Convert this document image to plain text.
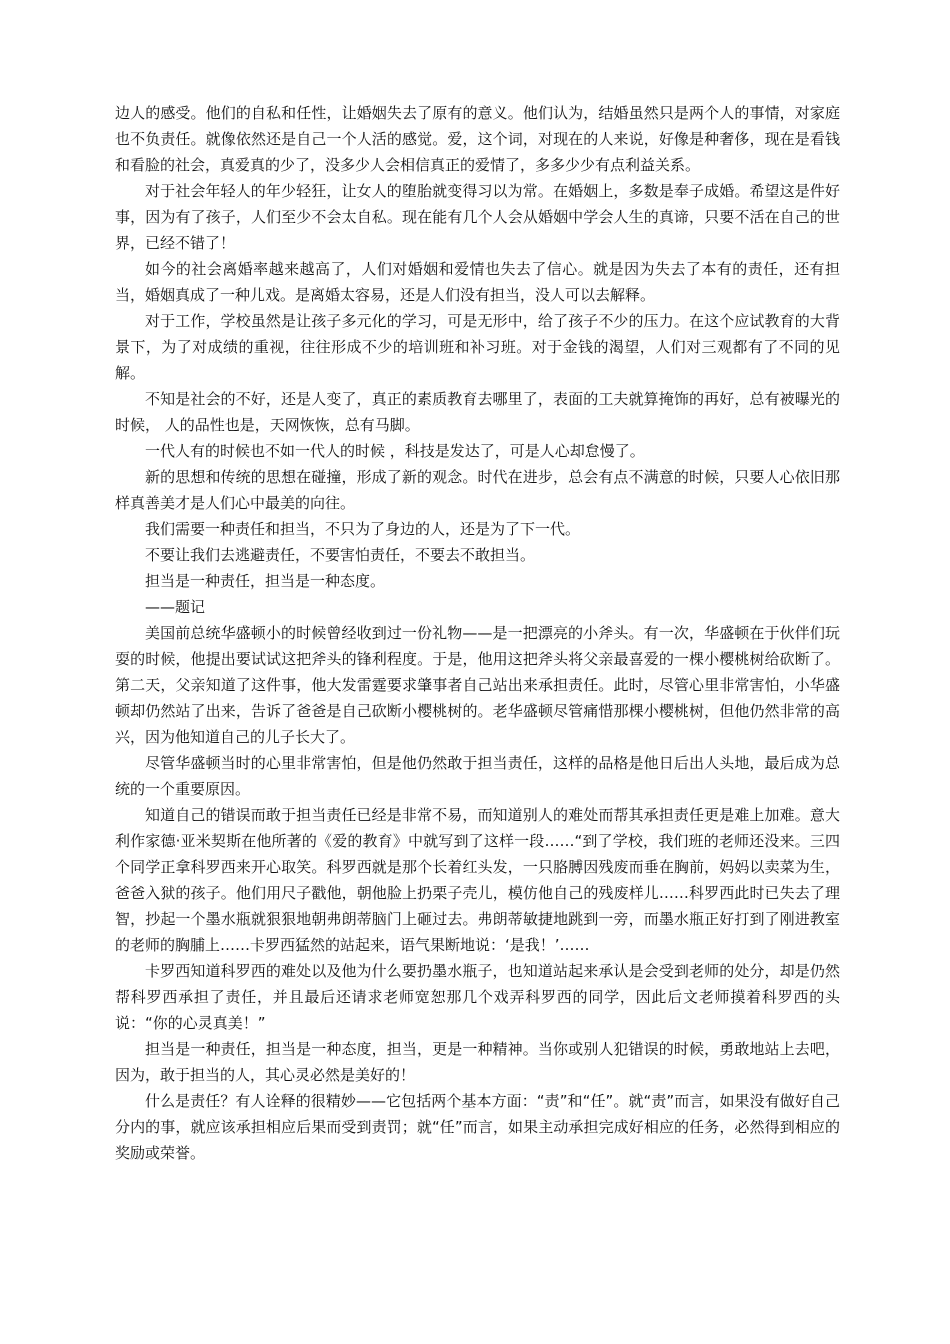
边人的感受。他们的自私和任性，让婚姻失去了原有的意义。他们认为，结婚虽然只是两个人的事情，对家庭也不负责任。就像依然还是自己一个人活的感觉。爱，这个词，对现在的人来说，好像是种奢侈，现在是看钱和看脸的社会，真爱真的少了，没多少人会相信真正的爱情了，多多少少有点利益关系。

对于社会年轻人的年少轻狂，让女人的堕胎就变得习以为常。在婚姻上，多数是奉子成婚。希望这是件好事，因为有了孩子，人们至少不会太自私。现在能有几个人会从婚姻中学会人生的真谛，只要不活在自己的世界，已经不错了！

如今的社会离婚率越来越高了，人们对婚姻和爱情也失去了信心。就是因为失去了本有的责任，还有担当，婚姻真成了一种儿戏。是离婚太容易，还是人们没有担当，没人可以去解释。

对于工作，学校虽然是让孩子多元化的学习，可是无形中，给了孩子不少的压力。在这个应试教育的大背景下，为了对成绩的重视，往往形成不少的培训班和补习班。对于金钱的渴望，人们对三观都有了不同的见解。

不知是社会的不好，还是人变了，真正的素质教育去哪里了，表面的工夫就算掩饰的再好，总有被曝光的时候， 人的品性也是，天网恢恢，总有马脚。

一代人有的时候也不如一代人的时候 ，科技是发达了，可是人心却怠慢了。

新的思想和传统的思想在碰撞，形成了新的观念。时代在进步，总会有点不满意的时候，只要人心依旧那样真善美才是人们心中最美的向往。

我们需要一种责任和担当，不只为了身边的人，还是为了下一代。

不要让我们去逃避责任，不要害怕责任，不要去不敢担当。

担当是一种责任，担当是一种态度。

——题记

美国前总统华盛顿小的时候曾经收到过一份礼物——是一把漂亮的小斧头。有一次，华盛顿在于伙伴们玩耍的时候，他提出要试试这把斧头的锋利程度。于是，他用这把斧头将父亲最喜爱的一棵小樱桃树给砍断了。第二天，父亲知道了这件事，他大发雷霆要求肇事者自己站出来承担责任。此时，尽管心里非常害怕，小华盛顿却仍然站了出来，告诉了爸爸是自己砍断小樱桃树的。老华盛顿尽管痛惜那棵小樱桃树，但他仍然非常的高兴，因为他知道自己的儿子长大了。

尽管华盛顿当时的心里非常害怕，但是他仍然敢于担当责任，这样的品格是他日后出人头地，最后成为总统的一个重要原因。

知道自己的错误而敢于担当责任已经是非常不易，而知道别人的难处而帮其承担责任更是难上加难。意大利作家德·亚米契斯在他所著的《爱的教育》中就写到了这样一段……“到了学校，我们班的老师还没来。三四个同学正拿科罗西来开心取笑。科罗西就是那个长着红头发，一只胳膊因残废而垂在胸前，妈妈以卖菜为生，爸爸入狱的孩子。他们用尺子戳他，朝他脸上扔栗子壳儿，模仿他自己的残废样儿……科罗西此时已失去了理智，抄起一个墨水瓶就狠狠地朝弗朗蒂脑门上砸过去。弗朗蒂敏捷地跳到一旁，而墨水瓶正好打到了刚进教室的老师的胸脯上……卡罗西猛然的站起来，语气果断地说：‘是我！’……

卡罗西知道科罗西的难处以及他为什么要扔墨水瓶子，也知道站起来承认是会受到老师的处分，却是仍然帮科罗西承担了责任，并且最后还请求老师宽恕那几个戏弄科罗西的同学，因此后文老师摸着科罗西的头说：“你的心灵真美！”

担当是一种责任，担当是一种态度，担当，更是一种精神。当你或别人犯错误的时候，勇敢地站上去吧，因为，敢于担当的人，其心灵必然是美好的！

什么是责任？有人诠释的很精妙——它包括两个基本方面：“责”和“任”。就“责”而言，如果没有做好自己分内的事，就应该承担相应后果而受到责罚；就“任”而言，如果主动承担完成好相应的任务，必然得到相应的奖励或荣誉。
